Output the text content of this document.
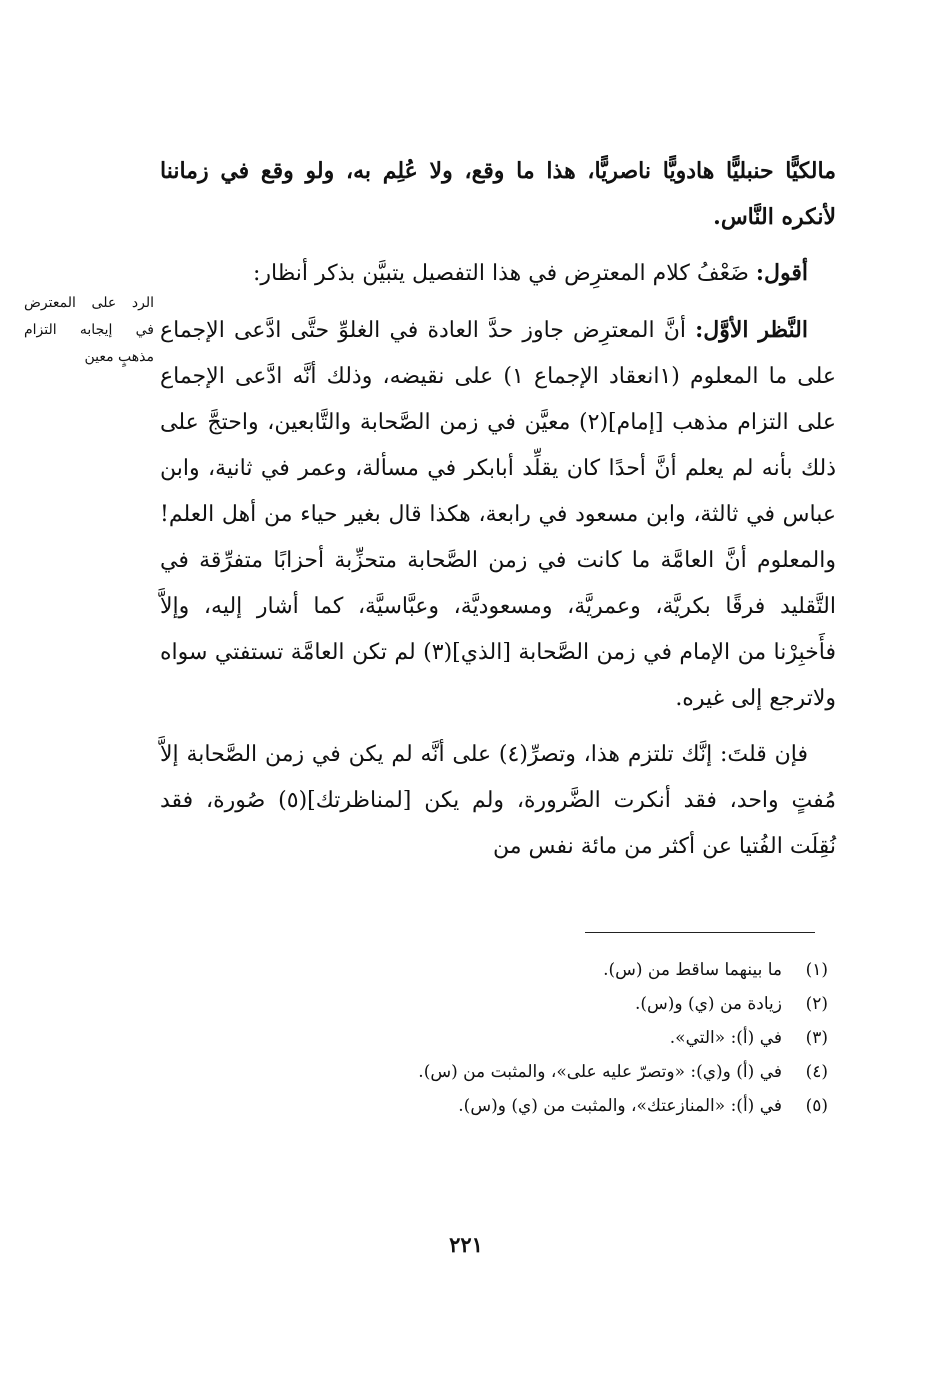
مالكيًّا حنبليًّا هادويًّا ناصريًّا، هذا ما وقع، ولا عُلِم به، ولو وقع في زماننا لأنكره النَّاس.

أقول: ضَعْفُ كلام المعترِض في هذا التفصيل يتبيَّن بذكر أنظار:

النَّظر الأوَّل: أنَّ المعترِض جاوز حدَّ العادة في الغلوِّ حتَّى ادَّعى الإجماع على ما المعلوم (١انعقاد الإجماع ١) على نقيضه، وذلك أنَّه ادَّعى الإجماع على التزام مذهب [إمام](٢) معيَّن في زمن الصَّحابة والتَّابعين، واحتجَّ على ذلك بأنه لم يعلم أنَّ أحدًا كان يقلِّد أبابكر في مسألة، وعمر في ثانية، وابن عباس في ثالثة، وابن مسعود في رابعة، هكذا قال بغير حياء من أهل العلم! والمعلوم أنَّ العامَّة ما كانت في زمن الصَّحابة متحزِّبة أحزابًا متفرِّقة في التَّقليد فرقًا بكريَّة، وعمريَّة، ومسعوديَّة، وعبَّاسيَّة، كما أشار إليه، وإلاَّ فأَخبِرْنا من الإمام في زمن الصَّحابة [الذي](٣) لم تكن العامَّة تستفتي سواه ولاترجع إلى غيره.

فإن قلتَ: إنَّك تلتزم هذا، وتصرِّ(٤) على أنَّه لم يكن في زمن الصَّحابة إلاَّ مُفتٍ واحد، فقد أنكرت الضَّرورة، ولم يكن [لمناظرتك](٥) صُورة، فقد نُقِلَت الفُتيا عن أكثر من مائة نفس من

الرد على المعترض في إيجابه التزام مذهبٍ معين
(١)
ما بينهما ساقط من (س).
(٢)
زيادة من (ي) و(س).
(٣)
في (أ): «التي».
(٤)
في (أ) و(ي): «وتصرّ عليه على»، والمثبت من (س).
(٥)
في (أ): «المنازعتك»، والمثبت من (ي) و(س).
٢٢١
